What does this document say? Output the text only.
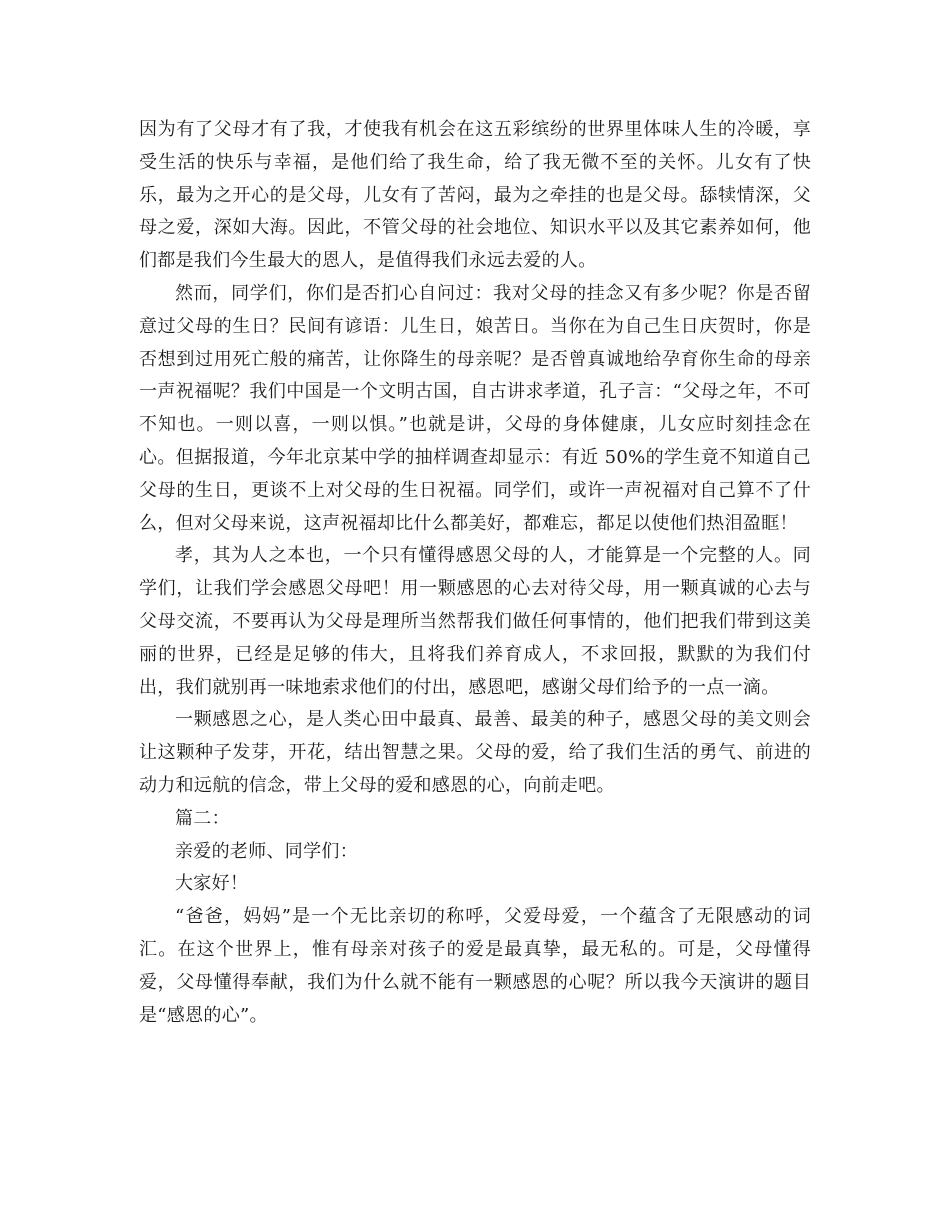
因为有了父母才有了我，才使我有机会在这五彩缤纷的世界里体味人生的冷暖，享受生活的快乐与幸福，是他们给了我生命，给了我无微不至的关怀。儿女有了快乐，最为之开心的是父母，儿女有了苦闷，最为之牵挂的也是父母。舔犊情深，父母之爱，深如大海。因此，不管父母的社会地位、知识水平以及其它素养如何，他们都是我们今生最大的恩人，是值得我们永远去爱的人。

然而，同学们，你们是否扪心自问过：我对父母的挂念又有多少呢？你是否留意过父母的生日？民间有谚语：儿生日，娘苦日。当你在为自己生日庆贺时，你是否想到过用死亡般的痛苦，让你降生的母亲呢？是否曾真诚地给孕育你生命的母亲一声祝福呢？我们中国是一个文明古国，自古讲求孝道，孔子言：“父母之年，不可不知也。一则以喜，一则以惧。”也就是讲，父母的身体健康，儿女应时刻挂念在心。但据报道，今年北京某中学的抽样调查却显示：有近 50%的学生竟不知道自己父母的生日，更谈不上对父母的生日祝福。同学们，或许一声祝福对自己算不了什么，但对父母来说，这声祝福却比什么都美好，都难忘，都足以使他们热泪盈眶！

孝，其为人之本也，一个只有懂得感恩父母的人，才能算是一个完整的人。同学们，让我们学会感恩父母吧！用一颗感恩的心去对待父母，用一颗真诚的心去与父母交流，不要再认为父母是理所当然帮我们做任何事情的，他们把我们带到这美丽的世界，已经是足够的伟大，且将我们养育成人，不求回报，默默的为我们付出，我们就别再一味地索求他们的付出，感恩吧，感谢父母们给予的一点一滴。

一颗感恩之心，是人类心田中最真、最善、最美的种子，感恩父母的美文则会让这颗种子发芽，开花，结出智慧之果。父母的爱，给了我们生活的勇气、前进的动力和远航的信念，带上父母的爱和感恩的心，向前走吧。

篇二：

亲爱的老师、同学们：

大家好！

“爸爸，妈妈”是一个无比亲切的称呼，父爱母爱，一个蕴含了无限感动的词汇。在这个世界上，惟有母亲对孩子的爱是最真挚，最无私的。可是，父母懂得爱，父母懂得奉献，我们为什么就不能有一颗感恩的心呢？所以我今天演讲的题目是“感恩的心”。
